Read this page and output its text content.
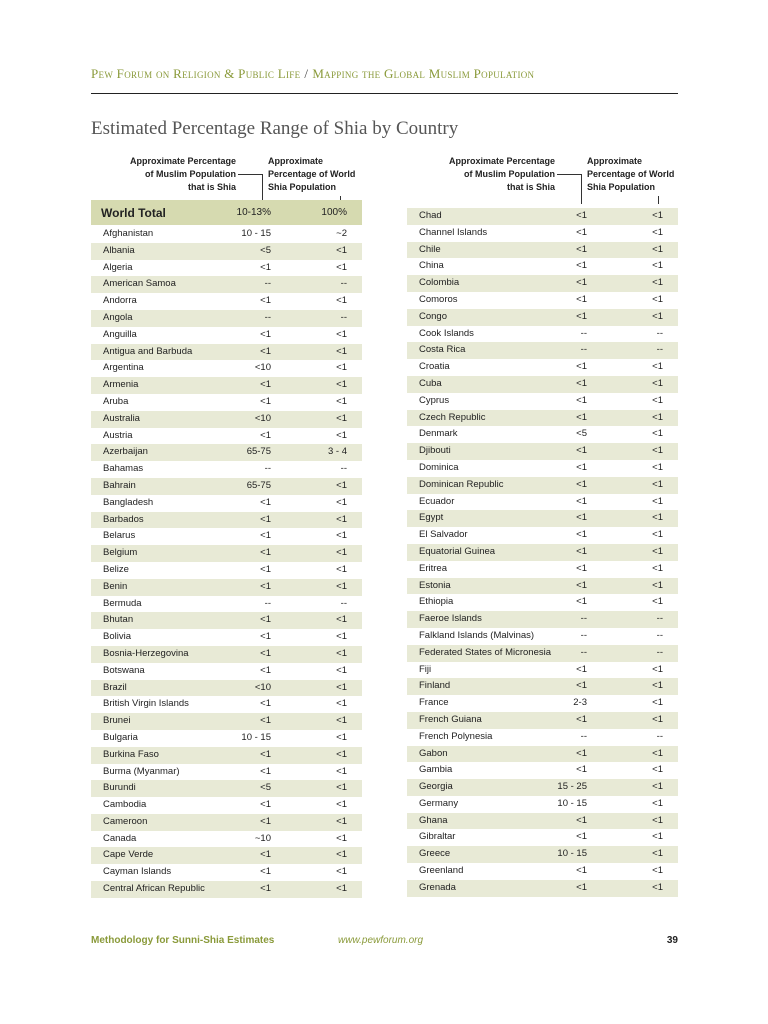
Pew Forum on Religion & Public Life / Mapping the Global Muslim Population
Estimated Percentage Range of Shia by Country
Approximate Percentage
of Muslim Population
that is Shia
Approximate
Percentage of World
Shia Population
Approximate Percentage
of Muslim Population
that is Shia
Approximate
Percentage of World
Shia Population
World Total	10-13%	100%
Afghanistan	10 - 15	~2
Albania	<5	<1
Algeria	<1	<1
American Samoa	--	--
Andorra	<1	<1
Angola	--	--
Anguilla	<1	<1
Antigua and Barbuda	<1	<1
Argentina	<10	<1
Armenia	<1	<1
Aruba	<1	<1
Australia	<10	<1
Austria	<1	<1
Azerbaijan	65-75	3 - 4
Bahamas	--	--
Bahrain	65-75	<1
Bangladesh	<1	<1
Barbados	<1	<1
Belarus	<1	<1
Belgium	<1	<1
Belize	<1	<1
Benin	<1	<1
Bermuda	--	--
Bhutan	<1	<1
Bolivia	<1	<1
Bosnia-Herzegovina	<1	<1
Botswana	<1	<1
Brazil	<10	<1
British Virgin Islands	<1	<1
Brunei	<1	<1
Bulgaria	10 - 15	<1
Burkina Faso	<1	<1
Burma (Myanmar)	<1	<1
Burundi	<5	<1
Cambodia	<1	<1
Cameroon	<1	<1
Canada	~10	<1
Cape Verde	<1	<1
Cayman Islands	<1	<1
Central African Republic	<1	<1
Chad	<1	<1
Channel Islands	<1	<1
Chile	<1	<1
China	<1	<1
Colombia	<1	<1
Comoros	<1	<1
Congo	<1	<1
Cook Islands	--	--
Costa Rica	--	--
Croatia	<1	<1
Cuba	<1	<1
Cyprus	<1	<1
Czech Republic	<1	<1
Denmark	<5	<1
Djibouti	<1	<1
Dominica	<1	<1
Dominican Republic	<1	<1
Ecuador	<1	<1
Egypt	<1	<1
El Salvador	<1	<1
Equatorial Guinea	<1	<1
Eritrea	<1	<1
Estonia	<1	<1
Ethiopia	<1	<1
Faeroe Islands	--	--
Falkland Islands (Malvinas)	--	--
Federated States of Micronesia	--	--
Fiji	<1	<1
Finland	<1	<1
France	2-3	<1
French Guiana	<1	<1
French Polynesia	--	--
Gabon	<1	<1
Gambia	<1	<1
Georgia	15 - 25	<1
Germany	10 - 15	<1
Ghana	<1	<1
Gibraltar	<1	<1
Greece	10 - 15	<1
Greenland	<1	<1
Grenada	<1	<1
Methodology for Sunni-Shia Estimates	www.pewforum.org	39
